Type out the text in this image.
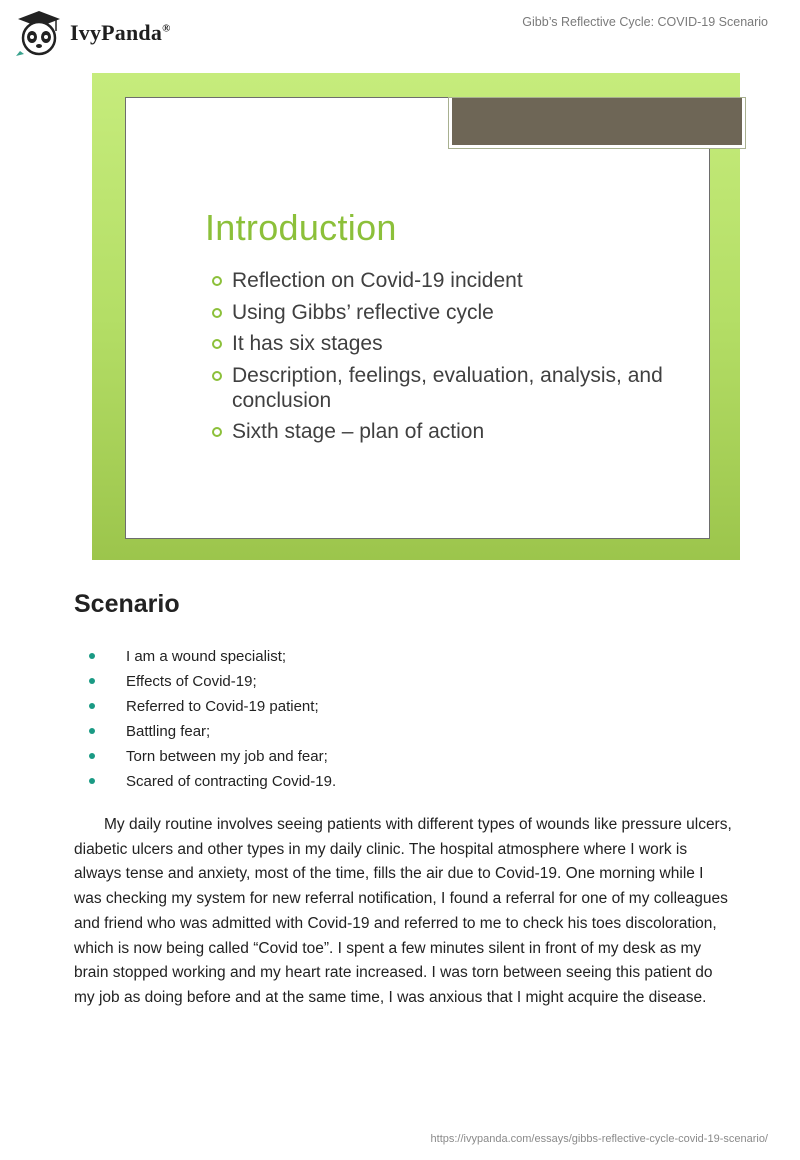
IvyPanda®	Gibb’s Reflective Cycle: COVID-19 Scenario
Introduction
Reflection on Covid-19 incident
Using Gibbs’ reflective cycle
It has six stages
Description, feelings, evaluation, analysis, and conclusion
Sixth stage – plan of action
Scenario
I am a wound specialist;
Effects of Covid-19;
Referred to Covid-19 patient;
Battling fear;
Torn between my job and fear;
Scared of contracting Covid-19.

My daily routine involves seeing patients with different types of wounds like pressure ulcers, diabetic ulcers and other types in my daily clinic. The hospital atmosphere where I work is always tense and anxiety, most of the time, fills the air due to Covid-19. One morning while I was checking my system for new referral notification, I found a referral for one of my colleagues and friend who was admitted with Covid-19 and referred to me to check his toes discoloration, which is now being called “Covid toe”. I spent a few minutes silent in front of my desk as my brain stopped working and my heart rate increased. I was torn between seeing this patient do my job as doing before and at the same time, I was anxious that I might acquire the disease.

https://ivypanda.com/essays/gibbs-reflective-cycle-covid-19-scenario/
